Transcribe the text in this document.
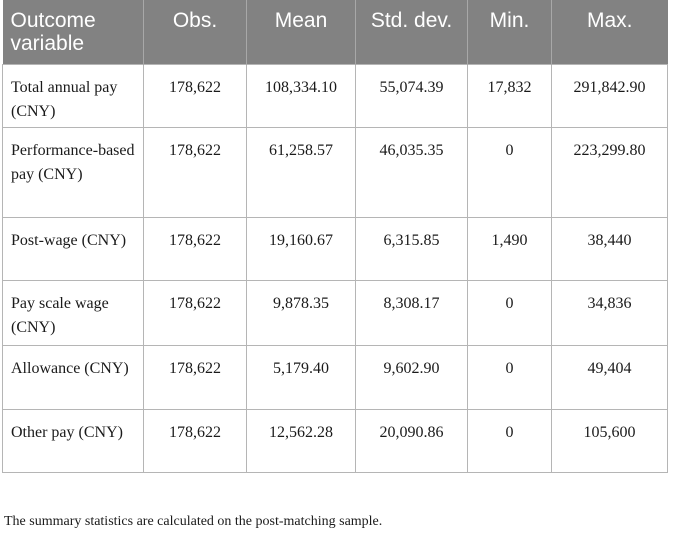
Outcome variable	Obs.	Mean	Std. dev.	Min.	Max.
Total annual pay (CNY)	178,622	108,334.10	55,074.39	17,832	291,842.90
Performance-based pay (CNY)	178,622	61,258.57	46,035.35	0	223,299.80
Post-wage (CNY)	178,622	19,160.67	6,315.85	1,490	38,440
Pay scale wage (CNY)	178,622	9,878.35	8,308.17	0	34,836
Allowance (CNY)	178,622	5,179.40	9,602.90	0	49,404
Other pay (CNY)	178,622	12,562.28	20,090.86	0	105,600
The summary statistics are calculated on the post-matching sample.
